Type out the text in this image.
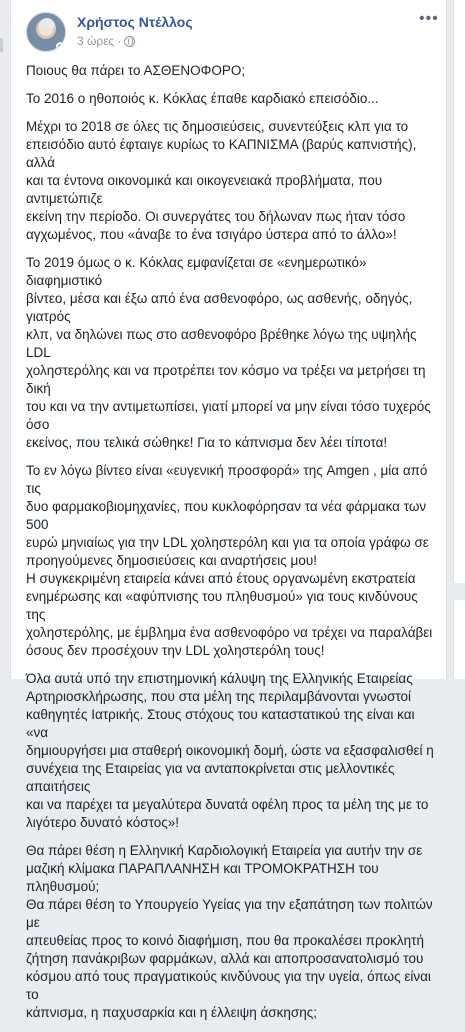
Χρήστος Ντέλλος
3 ώρες ·
•••

Ποιους θα πάρει το ΑΣΘΕΝΟΦΟΡΟ;

Το 2016 ο ηθοποιός κ. Κόκλας έπαθε καρδιακό επεισόδιο...

Μέχρι το 2018 σε όλες τις δημοσιεύσεις, συνεντεύξεις κλπ για το
επεισόδιο αυτό έφταιγε κυρίως το ΚΑΠΝΙΣΜΑ (βαρύς καπνιστής), αλλά
και τα έντονα οικονομικά και οικογενειακά προβλήματα, που αντιμετώπιζε
εκείνη την περίοδο. Οι συνεργάτες του δήλωναν πως ήταν τόσο
αγχωμένος, που «άναβε το ένα τσιγάρο ύστερα από το άλλο»!

Το 2019 όμως ο κ. Κόκλας εμφανίζεται σε «ενημερωτικό» διαφημιστικό
βίντεο, μέσα και έξω από ένα ασθενοφόρο, ως ασθενής, οδηγός, γιατρός
κλπ, να δηλώνει πως στο ασθενοφόρο βρέθηκε λόγω της υψηλής LDL
χοληστερόλης και να προτρέπει τον κόσμο να τρέξει να μετρήσει τη δική
του και να την αντιμετωπίσει, γιατί μπορεί να μην είναι τόσο τυχερός όσο
εκείνος, που τελικά σώθηκε! Για το κάπνισμα δεν λέει τίποτα!

Το εν λόγω βίντεο είναι «ευγενική προσφορά» της Amgen , μία από τις
δυο φαρμακοβιομηχανίες, που κυκλοφόρησαν τα νέα φάρμακα των 500
ευρώ μηνιαίως για την LDL χοληστερόλη και για τα οποία γράφω σε
προηγούμενες δημοσιεύσεις και αναρτήσεις μου!
Η συγκεκριμένη εταιρεία κάνει από έτους οργανωμένη εκστρατεία
ενημέρωσης και «αφύπνισης του πληθυσμού» για τους κινδύνους της
χοληστερόλης, με έμβλημα ένα ασθενοφόρο να τρέχει να παραλάβει
όσους δεν προσέχουν την LDL χοληστερόλη τους!

Όλα αυτά υπό την επιστημονική κάλυψη της Ελληνικής Εταιρείας
Αρτηριοσκλήρωσης, που στα μέλη της περιλαμβάνονται γνωστοί
καθηγητές Ιατρικής. Στους στόχους του καταστατικού της είναι και «να
δημιουργήσει μια σταθερή οικονομική δομή, ώστε να εξασφαλισθεί η
συνέχεια της Εταιρείας για να ανταποκρίνεται στις μελλοντικές απαιτήσεις
και να παρέχει τα μεγαλύτερα δυνατά οφέλη προς τα μέλη της με το
λιγότερο δυνατό κόστος»!

Θα πάρει θέση η Ελληνική Καρδιολογική Εταιρεία για αυτήν την σε
μαζική κλίμακα ΠΑΡΑΠΛΑΝΗΣΗ και ΤΡΟΜΟΚΡΑΤΗΣΗ του πληθυσμού;
Θα πάρει θέση το Υπουργείο Υγείας για την εξαπάτηση των πολιτών με
απευθείας προς το κοινό διαφήμιση, που θα προκαλέσει προκλητή
ζήτηση πανάκριβων φαρμάκων, αλλά και αποπροσανατολισμό του
κόσμου από τους πραγματικούς κινδύνους για την υγεία, όπως είναι το
κάπνισμα, η παχυσαρκία και η έλλειψη άσκησης;
